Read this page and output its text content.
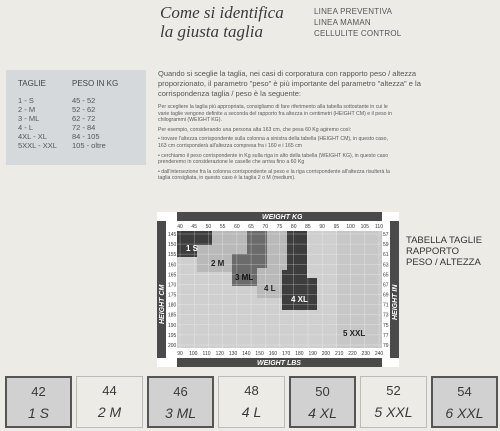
Come si identifica
la giusta taglia
LINEA PREVENTIVA
LINEA MAMAN
CELLULITE CONTROL
TAGLIE	PESO IN KG
1 - S	45 - 52
2 - M	52 - 62
3 - ML	62 - 72
4 - L	72 - 84
4XL - XL	84 - 105
5XXL - XXL	105 - oltre
Quando si sceglie la taglia, nei casi di corporatura con rapporto peso / altezza proporzionato, il parametro "peso" è più importante del parametro "altezza" e la corrispondenza taglia / peso è la seguente:

Per scegliere la taglia più appropriata, consigliamo di fare riferimento alla tabella sottostante in cui le varie taglie vengono definite a seconda del rapporto fra altezza in centimetri (HEIGHT CM) e il peso in chilogrammi (WEIGHT KG).

Per esempio, considerando una persona alta 163 cm, che pesa 60 Kg agiremo così:

• trovare l'altezza corrispondente sulla colonna a sinistra della tabella (HEIGHT CM), in questo caso, 163 cm corrisponderà all'altezza compresa fra i 160 e i 165 cm

• cerchiamo il peso corrispondente in Kg sulla riga in alto della tabella (WEIGHT KG), in questo caso prenderemo in considerazione le caselle che arriva fino a 60 Kg

• dall'intersezione fra la colonna corrispondente al peso e la riga corrispondente all'altezza risulterà la taglia consigliata, in questo caso è la taglia 2 o M (medium).

WEIGHT KG
WEIGHT LBS
HEIGHT CM	HEIGHT IN
40 45 50 55 60 65 70 75 80 85 90 95 100 105 110
90 100 110 120 130 140 150 160 170 180 190 200 210 220 230 240
145
150
155
160
165
170
175
180
185
190
195
200
57
59
61
63
65
67
69
71
73
75
77
79
1 S
2 M
3 ML
4 L
4 XL
5 XXL
TABELLA TAGLIE
RAPPORTO
PESO / ALTEZZA
42
1 S
44
2 M
46
3 ML
48
4 L
50
4 XL
52
5 XXL
54
6 XXL
